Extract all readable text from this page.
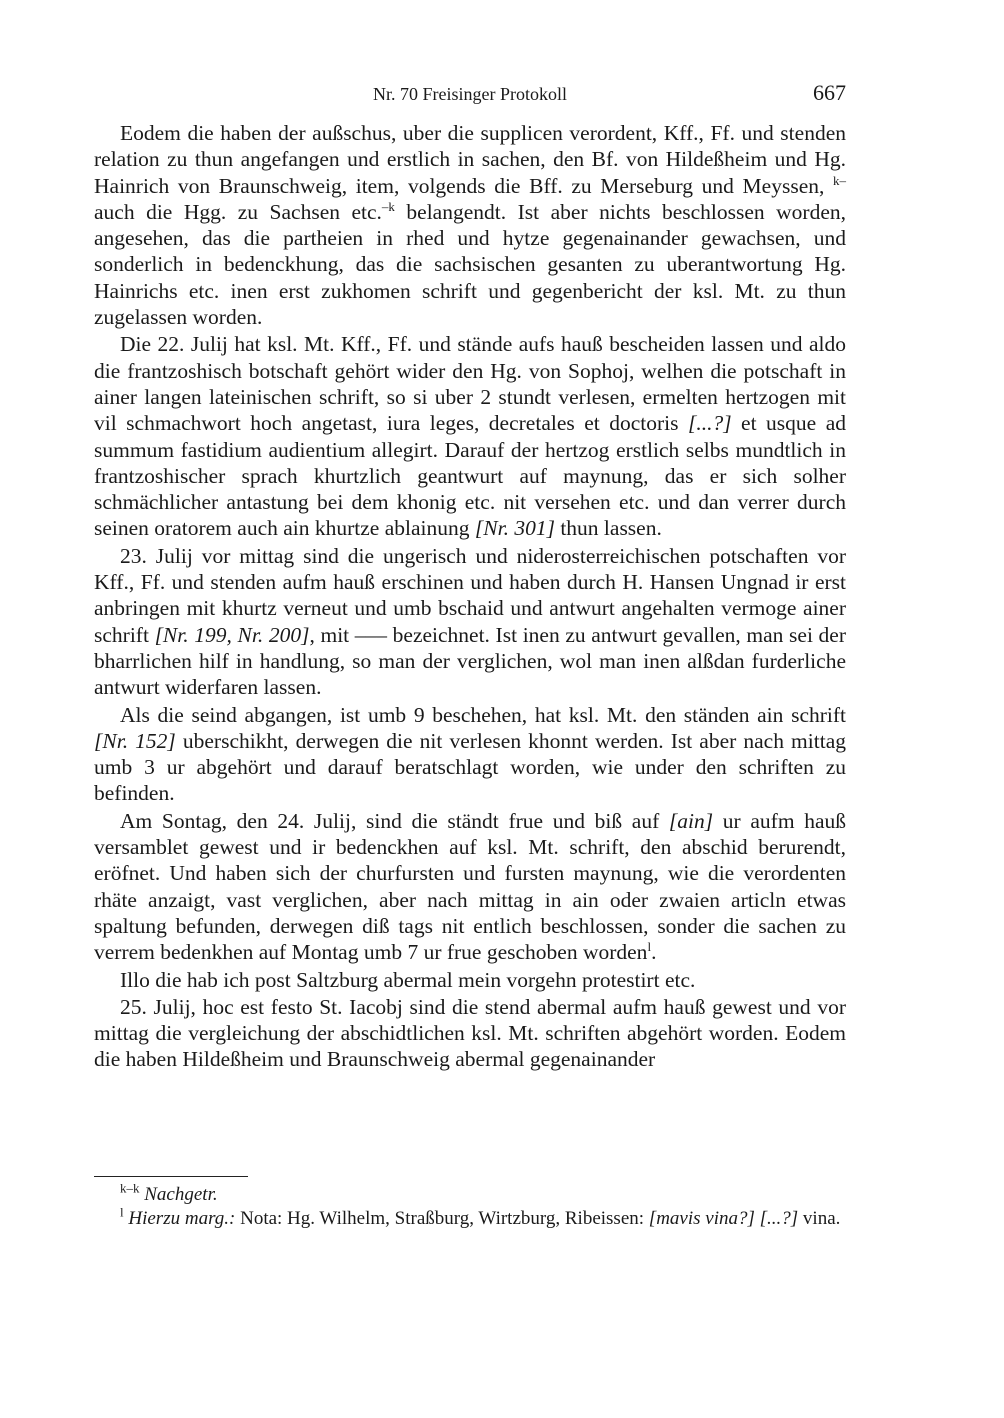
Nr. 70 Freisinger Protokoll	667

Eodem die haben der außschus, uber die supplicen verordent, Kff., Ff. und stenden relation zu thun angefangen und erstlich in sachen, den Bf. von Hildeßheim und Hg. Hainrich von Braunschweig, item, volgends die Bff. zu Merseburg und Meyssen, $^{k-}$auch die Hgg. zu Sachsen etc.$^{-k}$ belangendt. Ist aber nichts beschlossen worden, angesehen, das die partheien in rhed und hytze gegenainander gewachsen, und sonderlich in bedenckhung, das die sachsischen gesanten zu uberantwortung Hg. Hainrichs etc. inen erst zukhomen schrift und gegenbericht der ksl. Mt. zu thun zugelassen worden.

Die 22. Julij hat ksl. Mt. Kff., Ff. und stände aufs hauß bescheiden lassen und aldo die frantzoshisch botschaft gehört wider den Hg. von Sophoj, welhen die potschaft in ainer langen lateinischen schrift, so si uber 2 stundt verlesen, ermelten hertzogen mit vil schmachwort hoch angetast, iura leges, decretales et doctoris [...?] et usque ad summum fastidium audientium allegirt. Darauf der hertzog erstlich selbs mundtlich in frantzoshischer sprach khurtzlich geantwurt auf maynung, das er sich solher schmächlicher antastung bei dem khonig etc. nit versehen etc. und dan verrer durch seinen oratorem auch ain khurtze ablainung [Nr. 301] thun lassen.

23. Julij vor mittag sind die ungerisch und niderosterreichischen potschaften vor Kff., Ff. und stenden aufm hauß erschinen und haben durch H. Hansen Ungnad ir erst anbringen mit khurtz verneut und umb bschaid und antwurt angehalten vermoge ainer schrift [Nr. 199, Nr. 200], mit ––– bezeichnet. Ist inen zu antwurt gevallen, man sei der bharrlichen hilf in handlung, so man der verglichen, wol man inen alßdan furderliche antwurt widerfaren lassen.

Als die seind abgangen, ist umb 9 beschehen, hat ksl. Mt. den ständen ain schrift [Nr. 152] uberschikht, derwegen die nit verlesen khonnt werden. Ist aber nach mittag umb 3 ur abgehört und darauf beratschlagt worden, wie under den schriften zu befinden.

Am Sontag, den 24. Julij, sind die ständt frue und biß auf [ain] ur aufm hauß versamblet gewest und ir bedenckhen auf ksl. Mt. schrift, den abschid berurendt, eröfnet. Und haben sich der churfursten und fursten maynung, wie die verordenten rhäte anzaigt, vast verglichen, aber nach mittag in ain oder zwaien articln etwas spaltung befunden, derwegen diß tags nit entlich beschlossen, sonder die sachen zu verrem bedenkhen auf Montag umb 7 ur frue geschoben worden$^l$.

Illo die hab ich post Saltzburg abermal mein vorgehn protestirt etc.

25. Julij, hoc est festo St. Iacobj sind die stend abermal aufm hauß gewest und vor mittag die vergleichung der abschidtlichen ksl. Mt. schriften abgehört worden. Eodem die haben Hildeßheim und Braunschweig abermal gegenainander

$^{k-k}$ Nachgetr.

$^l$ Hierzu marg.: Nota: Hg. Wilhelm, Straßburg, Wirtzburg, Ribeissen: [mavis vina?] [...?] vina.
